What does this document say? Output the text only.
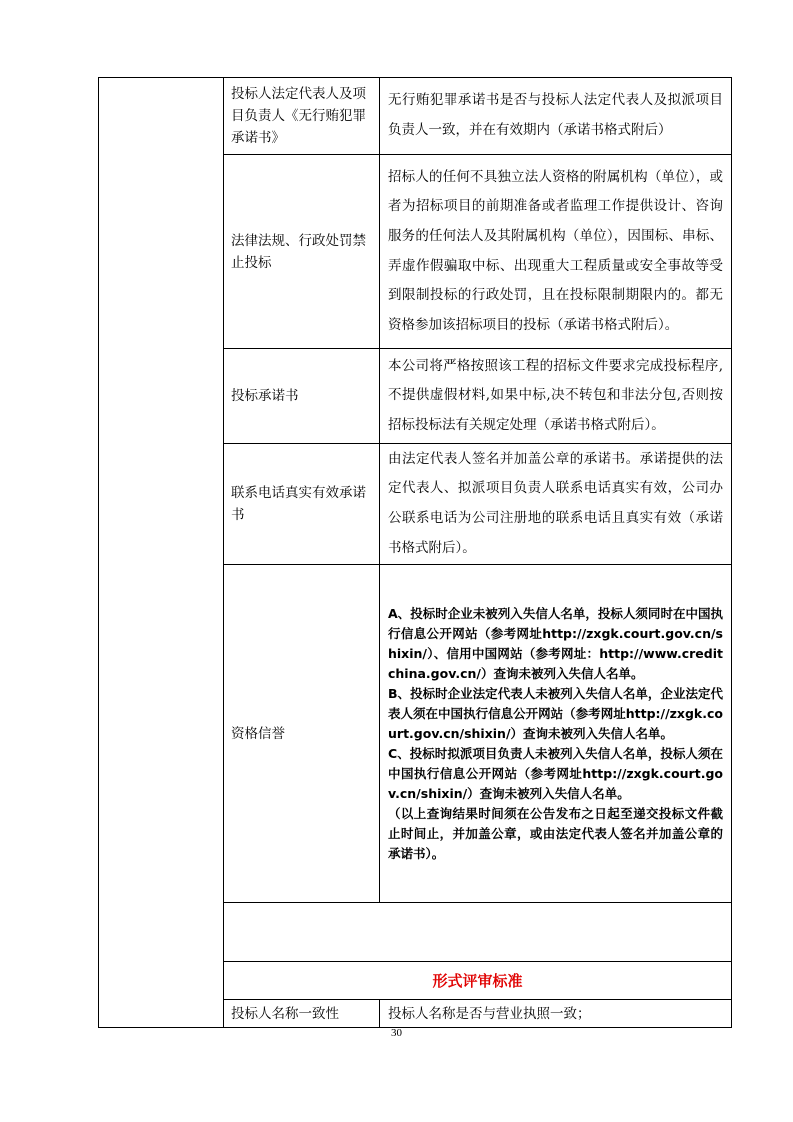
	投标人法定代表人及项目负责人《无行贿犯罪承诺书》	无行贿犯罪承诺书是否与投标人法定代表人及拟派项目负责人一致，并在有效期内（承诺书格式附后）
	法律法规、行政处罚禁止投标	招标人的任何不具独立法人资格的附属机构（单位），或者为招标项目的前期准备或者监理工作提供设计、咨询服务的任何法人及其附属机构（单位），因围标、串标、弄虚作假骗取中标、出现重大工程质量或安全事故等受到限制投标的行政处罚，且在投标限制期限内的。都无资格参加该招标项目的投标（承诺书格式附后）。
	投标承诺书	本公司将严格按照该工程的招标文件要求完成投标程序,不提供虚假材料,如果中标,决不转包和非法分包,否则按招标投标法有关规定处理（承诺书格式附后）。
	联系电话真实有效承诺书	由法定代表人签名并加盖公章的承诺书。承诺提供的法定代表人、拟派项目负责人联系电话真实有效，公司办公联系电话为公司注册地的联系电话且真实有效（承诺书格式附后）。
	资格信誉	A、投标时企业未被列入失信人名单，投标人须同时在中国执行信息公开网站（参考网址http://zxgk.court.gov.cn/shixin/）、信用中国网站（参考网址：http://www.creditchina.gov.cn/）查询未被列入失信人名单。

B、投标时企业法定代表人未被列入失信人名单，企业法定代表人须在中国执行信息公开网站（参考网址http://zxgk.court.gov.cn/shixin/）查询未被列入失信人名单。

C、投标时拟派项目负责人未被列入失信人名单，投标人须在中国执行信息公开网站（参考网址http://zxgk.court.gov.cn/shixin/）查询未被列入失信人名单。

（以上查询结果时间须在公告发布之日起至递交投标文件截止时间止，并加盖公章，或由法定代表人签名并加盖公章的承诺书）。

	形式评审标准	
	投标人名称一致性	投标人名称是否与营业执照一致；
30
